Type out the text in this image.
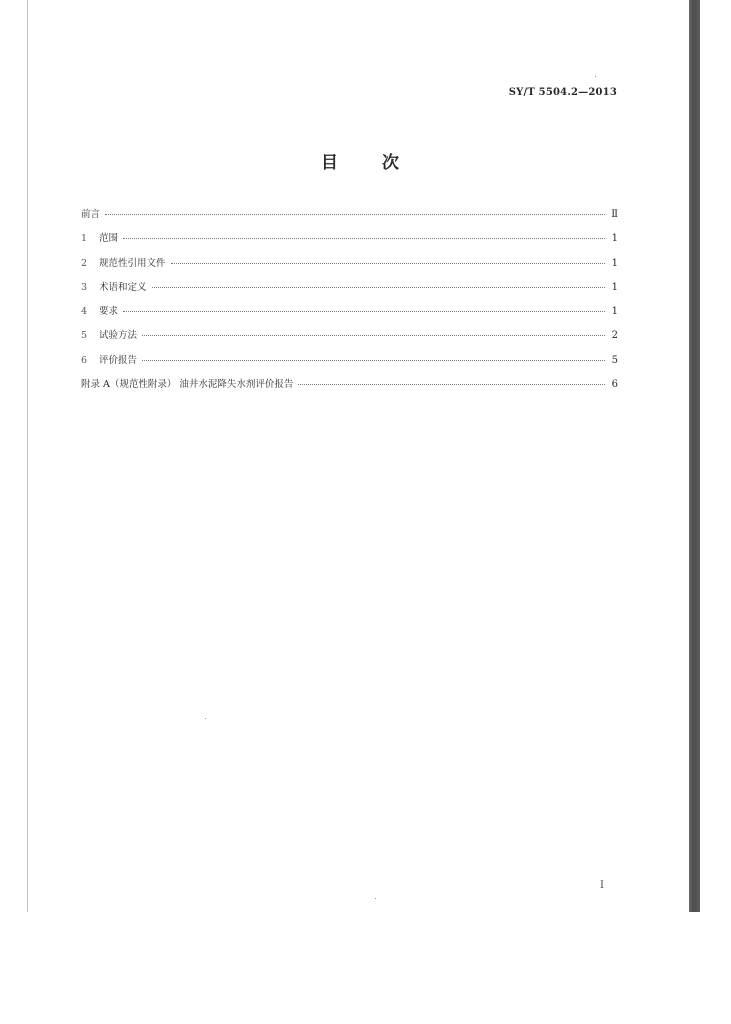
SY/T 5504.2—2013
目 次
前言	Ⅱ
1	范围	1
2	规范性引用文件	1
3	术语和定义	1
4	要求	1
5	试验方法	2
6	评价报告	5
附录 A（规范性附录） 油井水泥降失水剂评价报告	6
I
